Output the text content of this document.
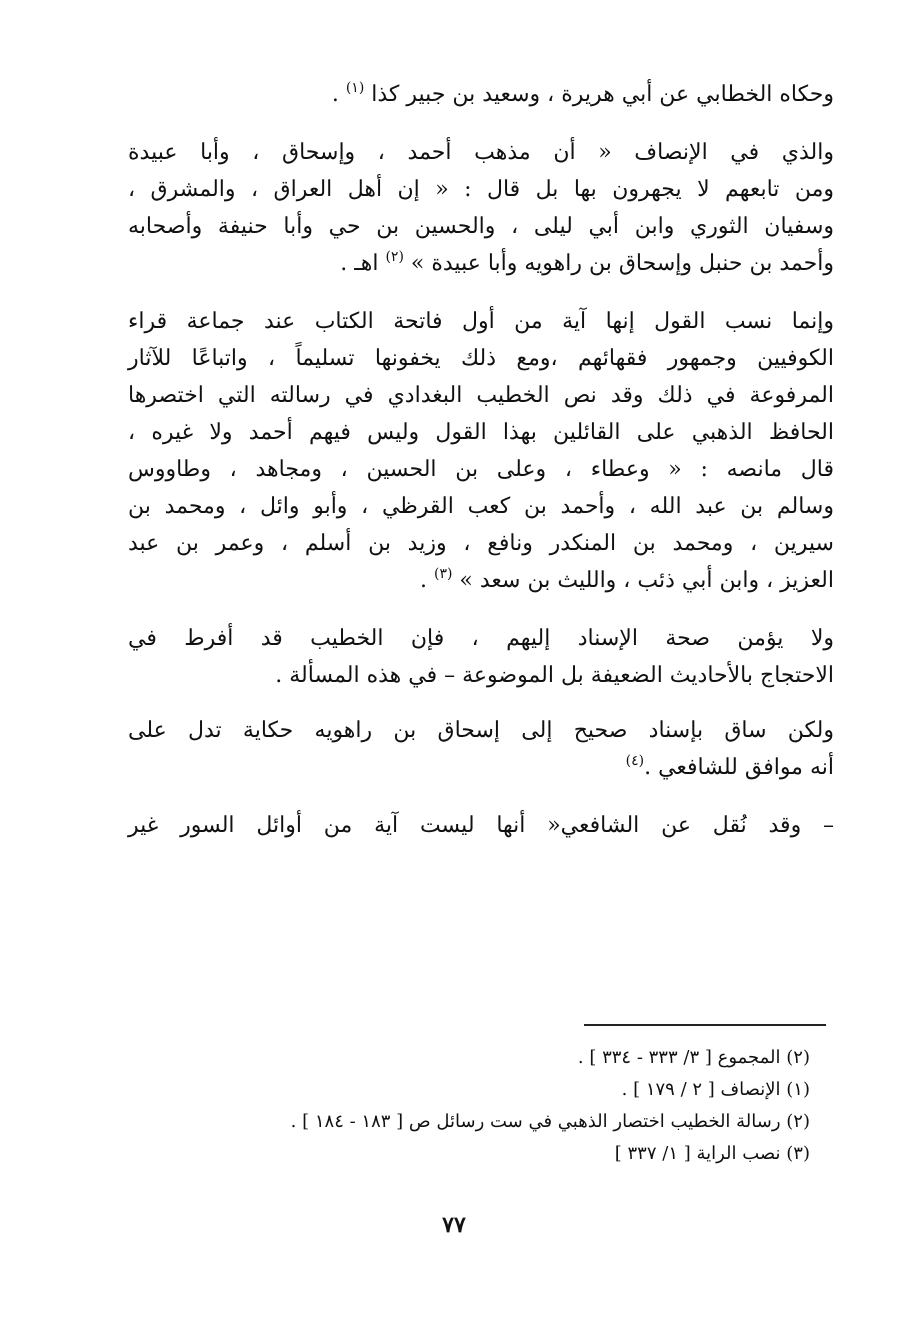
وحكاه الخطابي عن أبي هريرة ، وسعيد بن جبير كذا $^{(١)}$ .
والذي في الإنصاف « أن مذهب أحمد ، وإسحاق ، وأبا عبيدة
ومن تابعهم لا يجهرون بها بل قال : « إن أهل العراق ، والمشرق ،
وسفيان الثوري وابن أبي ليلى ، والحسين بن حي وأبا حنيفة وأصحابه
وأحمد بن حنبل وإسحاق بن راهويه وأبا عبيدة » $^{(٢)}$ اهـ .
وإنما نسب القول إنها آية من أول فاتحة الكتاب عند جماعة قراء
الكوفيين وجمهور فقهائهم ،ومع ذلك يخفونها تسليماً ، واتباعًا للآثار
المرفوعة في ذلك وقد نص الخطيب البغدادي في رسالته التي اختصرها
الحافظ الذهبي على القائلين بهذا القول وليس فيهم أحمد ولا غيره ،
قال مانصه : « وعطاء ، وعلى بن الحسين ، ومجاهد ، وطاووس
وسالم بن عبد الله ، وأحمد بن كعب القرظي ، وأبو وائل ، ومحمد بن
سيرين ، ومحمد بن المنكدر ونافع ، وزيد بن أسلم ، وعمر بن عبد
العزيز ، وابن أبي ذئب ، والليث بن سعد » $^{(٣)}$ .
ولا يؤمن صحة الإسناد إليهم ، فإن الخطيب قد أفرط في
الاحتجاج بالأحاديث الضعيفة بل الموضوعة – في هذه المسألة .
ولكن ساق بإسناد صحيح إلى إسحاق بن راهويه حكاية تدل على
أنه موافق للشافعي .$^{(٤)}$
– وقد نُقل عن الشافعي« أنها ليست آية من أوائل السور غير
(٢) المجموع [ ٣/ ٣٣٣ - ٣٣٤ ] .
(١) الإنصاف [ ٢ / ١٧٩ ] .
(٢) رسالة الخطيب اختصار الذهبي في ست رسائل ص [ ١٨٣ - ١٨٤ ] .
(٣) نصب الراية [ ١/ ٣٣٧ ]
٧٧
